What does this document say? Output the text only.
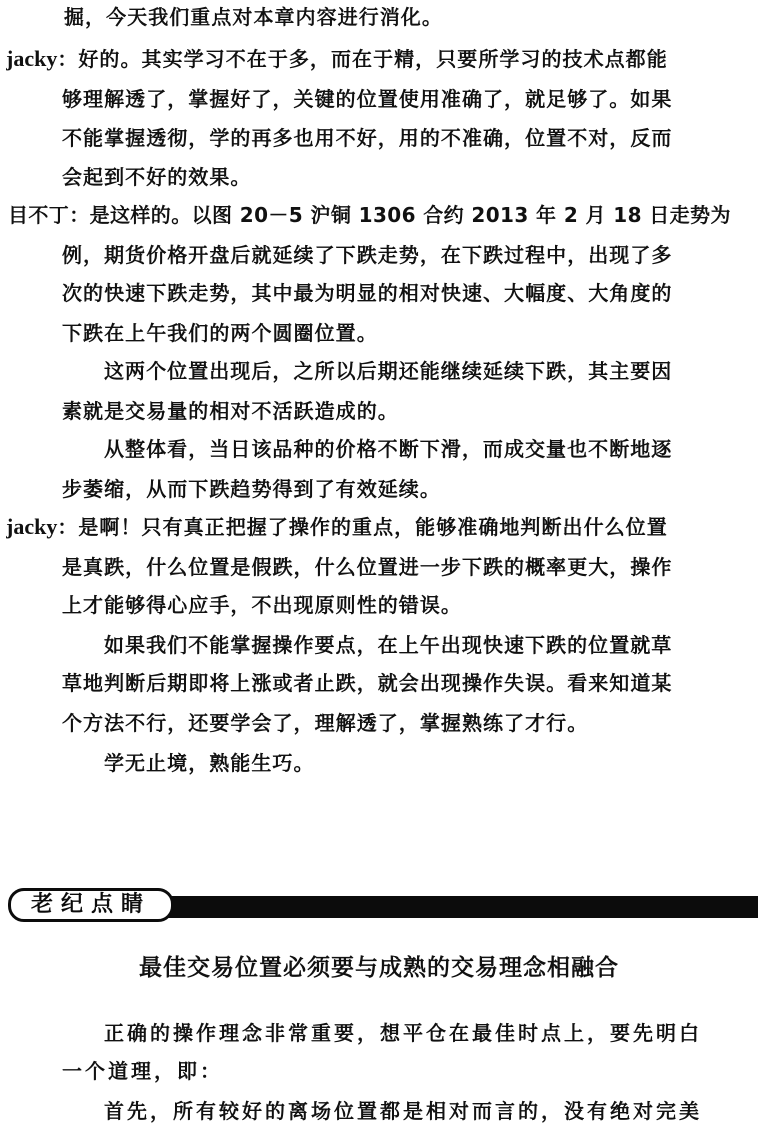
掘，今天我们重点对本章内容进行消化。
jacky：好的。其实学习不在于多，而在于精，只要所学习的技术点都能
够理解透了，掌握好了，关键的位置使用准确了，就足够了。如果
不能掌握透彻，学的再多也用不好，用的不准确，位置不对，反而
会起到不好的效果。
目不丁：是这样的。以图 20－5 沪铜 1306 合约 2013 年 2 月 18 日走势为
例，期货价格开盘后就延续了下跌走势，在下跌过程中，出现了多
次的快速下跌走势，其中最为明显的相对快速、大幅度、大角度的
下跌在上午我们的两个圆圈位置。
这两个位置出现后，之所以后期还能继续延续下跌，其主要因
素就是交易量的相对不活跃造成的。
从整体看，当日该品种的价格不断下滑，而成交量也不断地逐
步萎缩，从而下跌趋势得到了有效延续。
jacky：是啊！只有真正把握了操作的重点，能够准确地判断出什么位置
是真跌，什么位置是假跌，什么位置进一步下跌的概率更大，操作
上才能够得心应手，不出现原则性的错误。
如果我们不能掌握操作要点，在上午出现快速下跌的位置就草
草地判断后期即将上涨或者止跌，就会出现操作失误。看来知道某
个方法不行，还要学会了，理解透了，掌握熟练了才行。
学无止境，熟能生巧。
老纪点睛
最佳交易位置必须要与成熟的交易理念相融合
正确的操作理念非常重要，想平仓在最佳时点上，要先明白
一个道理，即：
首先，所有较好的离场位置都是相对而言的，没有绝对完美
